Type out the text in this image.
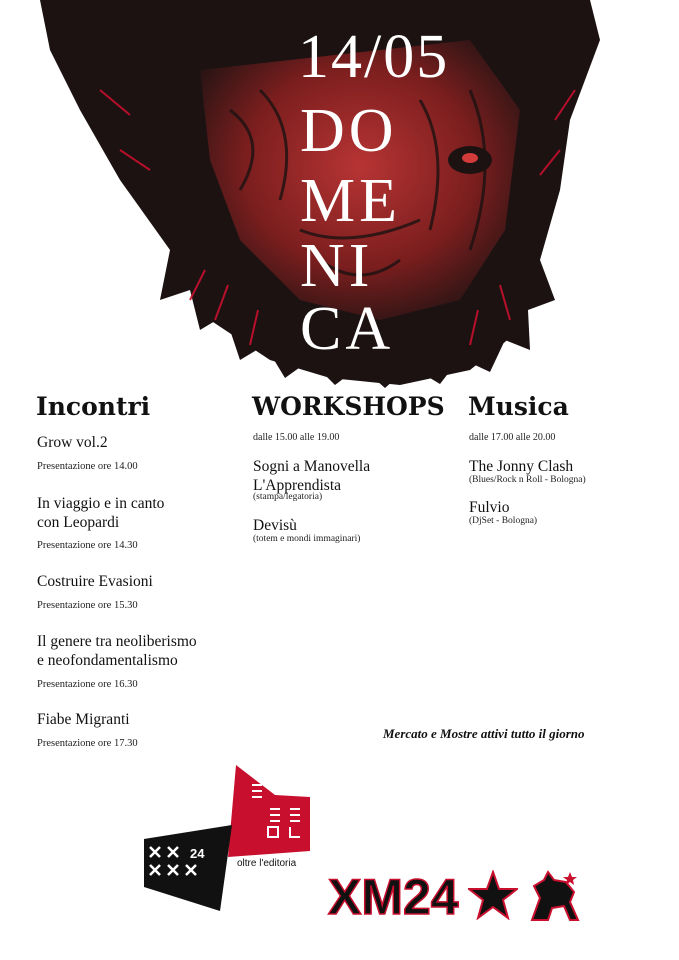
14/05
DO
ME
NI
CA
Incontri
Grow vol.2
Presentazione ore 14.00
In viaggio e in canto
con Leopardi
Presentazione ore 14.30
Costruire Evasioni
Presentazione ore 15.30
Il genere tra neoliberismo
e neofondamentalismo
Presentazione ore 16.30
Fiabe Migranti
Presentazione ore 17.30
WORKSHOPS
dalle 15.00 alle 19.00
Sogni a Manovella
L'Apprendista
(stampa/legatoria)
Devisù
(totem e mondi immaginari)
Musica
dalle 17.00 alle 20.00
The Jonny Clash
(Blues/Rock n Roll - Bologna)
Fulvio
(DjSet - Bologna)
Mercato e Mostre attivi tutto il giorno
24
oltre l'editoria
XM24
